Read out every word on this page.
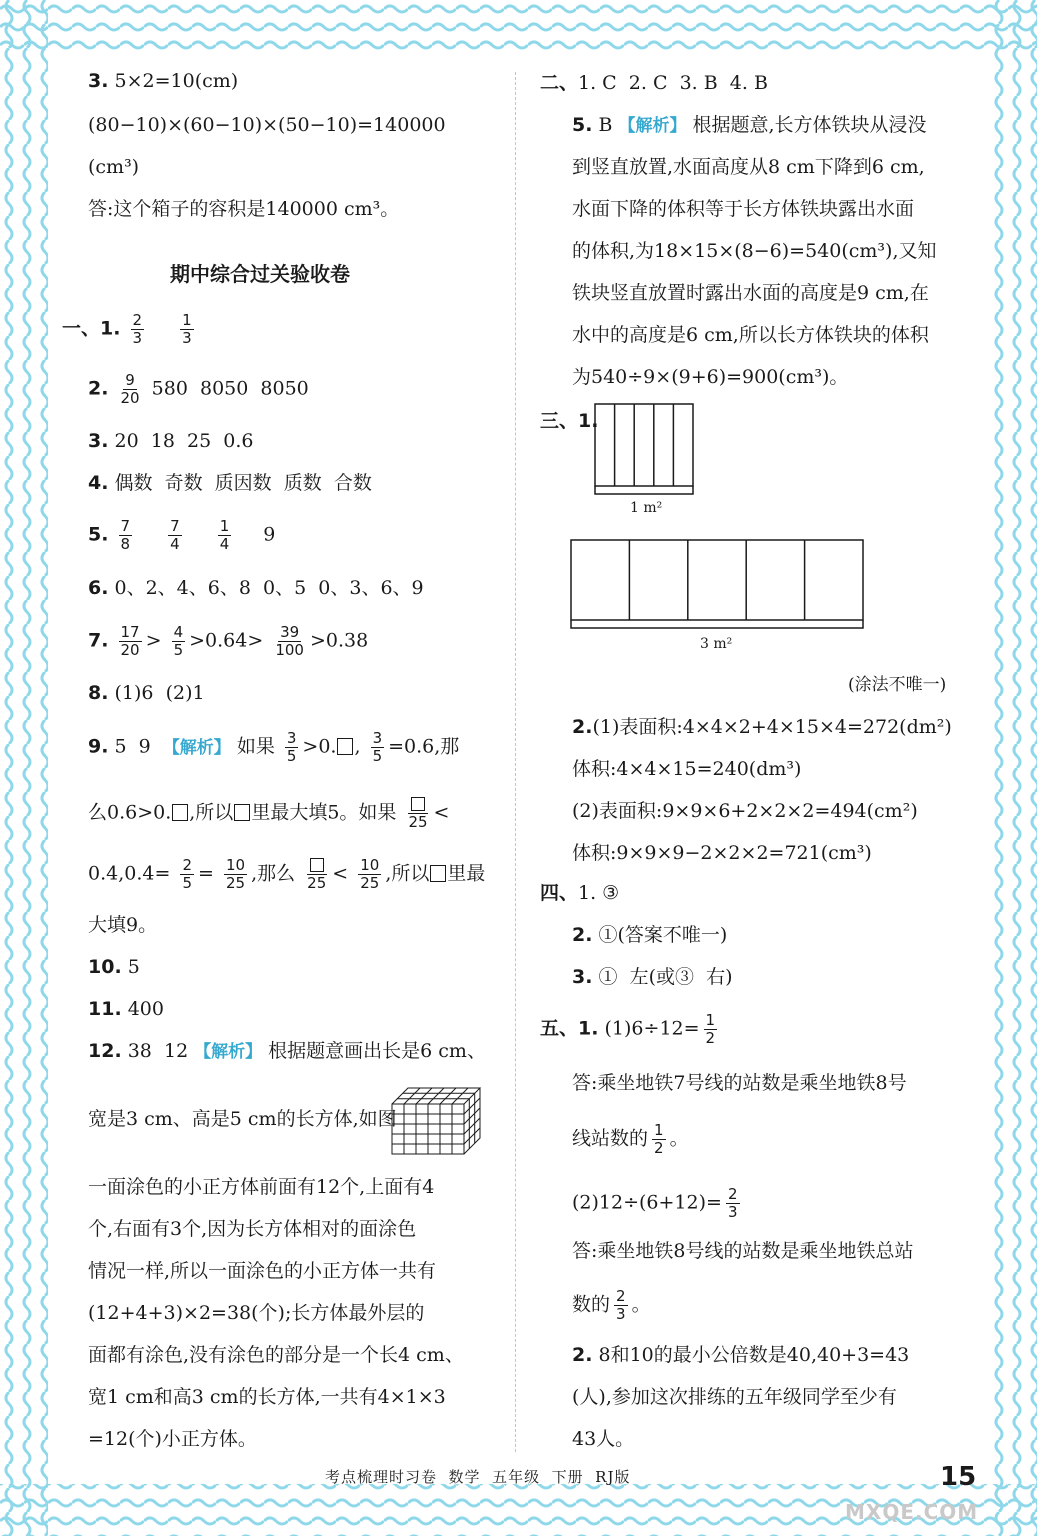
3. 5×2=10(cm)
(80−10)×(60−10)×(50−10)=140000
(cm³)
答:这个箱子的容积是140000 cm³。
期中综合过关验收卷
一、1. $\frac{2}{3}$
$\frac{1}{3}$
2. $\frac{9}{20} 580$  8050  8050
3. 20  18  25  0.6
4. 偶数  奇数  质因数  质数  合数
5. $\frac{7}{8}$
$\frac{7}{4}$
$\frac{1}{4} 9$
6. 0、2、4、6、8  0、5  0、3、6、9
7. $\frac{17}{20} > \frac{4}{5} >0.64> \frac{39}{100} >0.38$
8. (1)6  (2)1
9. 5  9 【解析】 如果 $\frac{3}{5} >0$. , $\frac{3}{5} =0.6$,那
么0.6>0. ,所以 里最大填5。如果 25 <
$0.4,0.4= \frac{2}{5} = \frac{10}{25}$ ,那么 $25 < \frac{10}{25}$ ,所以 里最
大填9。
10. 5
11. 400
12. 38  12 【解析】 根据题意画出长是6 cm、
宽是3 cm、高是5 cm的长方体,如图
一面涂色的小正方体前面有12个,上面有4
个,右面有3个,因为长方体相对的面涂色
情况一样,所以一面涂色的小正方体一共有
(12+4+3)×2=38(个);长方体最外层的
面都有涂色,没有涂色的部分是一个长4 cm、
宽1 cm和高3 cm的长方体,一共有4×1×3
=12(个)小正方体。
二、1. C  2. C  3. B  4. B
5. B 【解析】 根据题意,长方体铁块从浸没
到竖直放置,水面高度从8 cm下降到6 cm,
水面下降的体积等于长方体铁块露出水面
的体积,为18×15×(8−6)=540(cm³),又知
铁块竖直放置时露出水面的高度是9 cm,在
水中的高度是6 cm,所以长方体铁块的体积
为540÷9×(9+6)=900(cm³)。
三、1.
1 m²
3 m²
(涂法不唯一)
2.(1)表面积:4×4×2+4×15×4=272(dm²)
体积:4×4×15=240(dm³)
(2)表面积:9×9×6+2×2×2=494(cm²)
体积:9×9×9−2×2×2=721(cm³)
四、1. ③
2. ①(答案不唯一)
3. ①  左(或③  右)
五、1. $(1)6\div 12= \frac{1}{2}$
答:乘坐地铁7号线的站数是乘坐地铁8号
线站数的 $\frac{1}{2}$ 。
$(2)12\div(6+12)= \frac{2}{3}$
答:乘坐地铁8号线的站数是乘坐地铁总站
数的 $\frac{2}{3}$ 。
2. 8和10的最小公倍数是40,40+3=43
(人),参加这次排练的五年级同学至少有
43人。
考点梳理时习卷  数学  五年级  下册  RJ版	15
MXQE.COM
